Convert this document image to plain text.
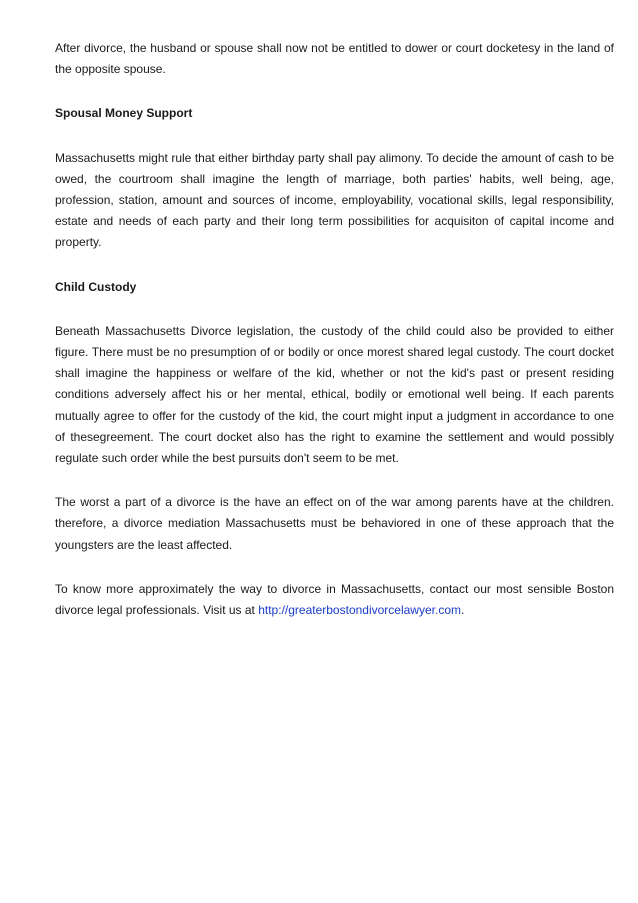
After divorce, the husband or spouse shall now not be entitled to dower or court docketesy in the land of the opposite spouse.

Spousal Money Support

Massachusetts might rule that either birthday party shall pay alimony. To decide the amount of cash to be owed, the courtroom shall imagine the length of marriage, both parties' habits, well being, age, profession, station, amount and sources of income, employability, vocational skills, legal responsibility, estate and needs of each party and their long term possibilities for acquisiton of capital income and property.

Child Custody

Beneath Massachusetts Divorce legislation, the custody of the child could also be provided to either figure. There must be no presumption of or bodily or once morest shared legal custody. The court docket shall imagine the happiness or welfare of the kid, whether or not the kid's past or present residing conditions adversely affect his or her mental, ethical, bodily or emotional well being. If each parents mutually agree to offer for the custody of the kid, the court might input a judgment in accordance to one of thesegreement. The court docket also has the right to examine the settlement and would possibly regulate such order while the best pursuits don't seem to be met.

The worst a part of a divorce is the have an effect on of the war among parents have at the children. therefore, a divorce mediation Massachusetts must be behaviored in one of these approach that the youngsters are the least affected.

To know more approximately the way to divorce in Massachusetts, contact our most sensible Boston divorce legal professionals. Visit us at http://greaterbostondivorcelawyer.com.
